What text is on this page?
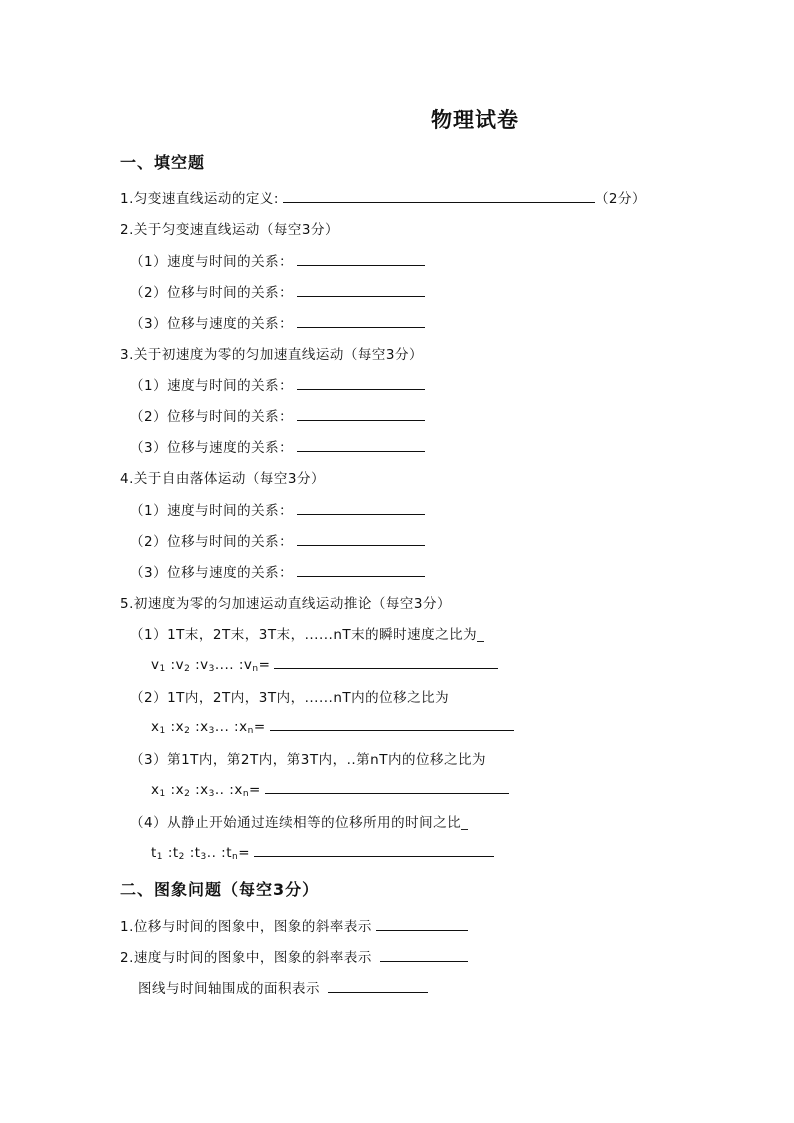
物理试卷
一、填空题
1.匀变速直线运动的定义:	（2分）
2.关于匀变速直线运动（每空3分）
（1）速度与时间的关系：
（2）位移与时间的关系：
（3）位移与速度的关系：
3.关于初速度为零的匀加速直线运动（每空3分）
（1）速度与时间的关系：
（2）位移与时间的关系：
（3）位移与速度的关系：
4.关于自由落体运动（每空3分）
（1）速度与时间的关系：
（2）位移与时间的关系：
（3）位移与速度的关系：
5.初速度为零的匀加速运动直线运动推论（每空3分）
（1）1T末，2T末，3T末，......nT末的瞬时速度之比为_
$v_1$ $:v_2$ $:v_3$.... $:v_n=$
（2）1T内，2T内，3T内，......nT内的位移之比为
$x_1$ $:x_2$ $:x_3$... $:x_n=$
（3）第1T内，第2T内，第3T内，..第nT内的位移之比为
$x_1$ $:x_2$ $:x_3$.. $:x_n=$
（4）从静止开始通过连续相等的位移所用的时间之比_
$t_1$ $:t_2$ $:t_3$.. $:t_n=$
二、图象问题（每空3分）
1.位移与时间的图象中，图象的斜率表示
2.速度与时间的图象中，图象的斜率表示
图线与时间轴围成的面积表示
